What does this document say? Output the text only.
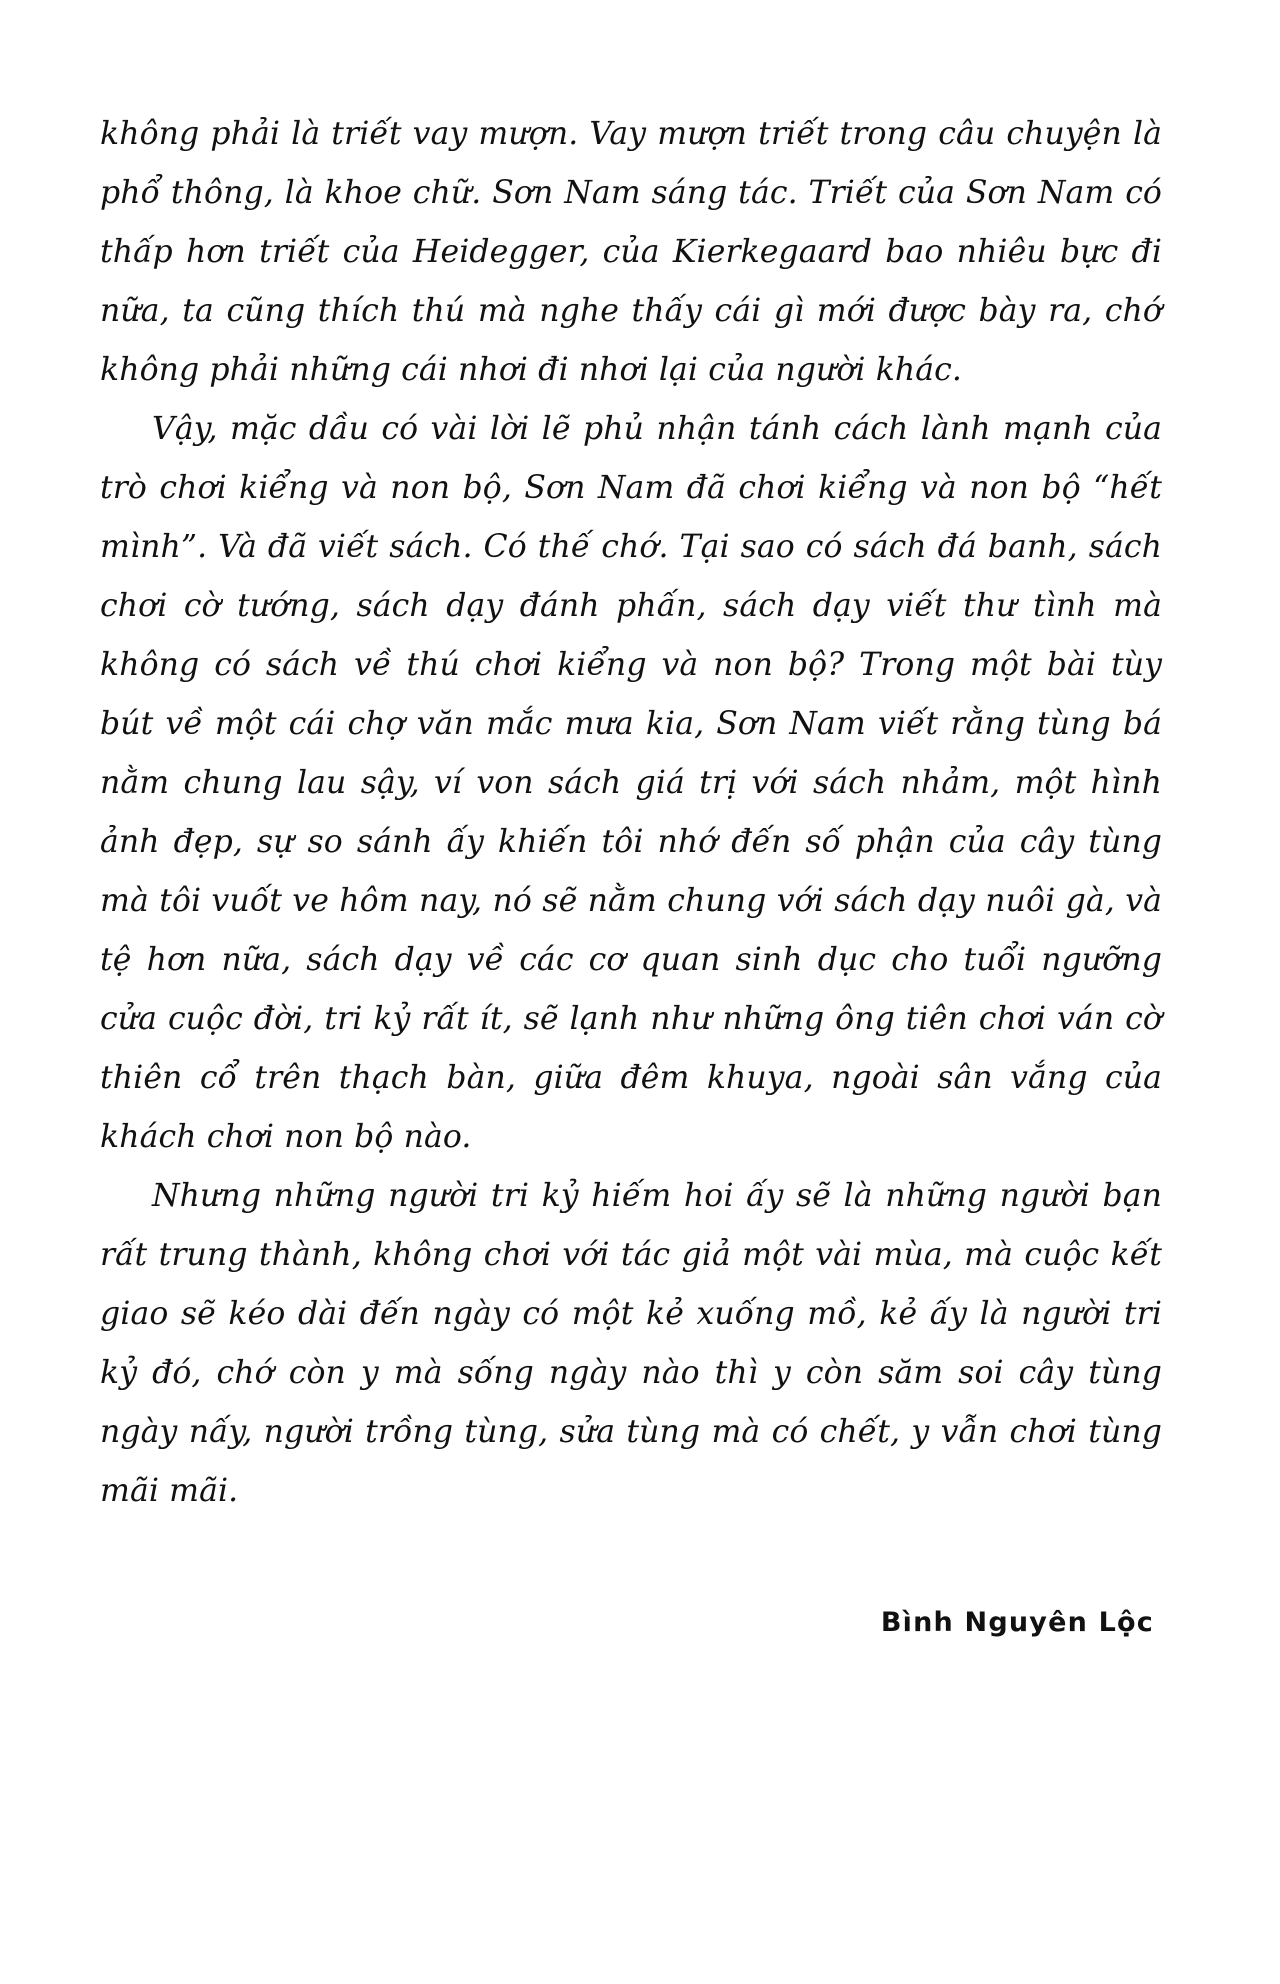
không phải là triết vay mượn. Vay mượn triết trong câu chuyện là phổ thông, là khoe chữ. Sơn Nam sáng tác. Triết của Sơn Nam có thấp hơn triết của Heidegger, của Kierkegaard bao nhiêu bực đi nữa, ta cũng thích thú mà nghe thấy cái gì mới được bày ra, chớ không phải những cái nhơi đi nhơi lại của người khác.

Vậy, mặc dầu có vài lời lẽ phủ nhận tánh cách lành mạnh của trò chơi kiểng và non bộ, Sơn Nam đã chơi kiểng và non bộ “hết mình”. Và đã viết sách. Có thế chớ. Tại sao có sách đá banh, sách chơi cờ tướng, sách dạy đánh phấn, sách dạy viết thư tình mà không có sách về thú chơi kiểng và non bộ? Trong một bài tùy bút về một cái chợ văn mắc mưa kia, Sơn Nam viết rằng tùng bá nằm chung lau sậy, ví von sách giá trị với sách nhảm, một hình ảnh đẹp, sự so sánh ấy khiến tôi nhớ đến số phận của cây tùng mà tôi vuốt ve hôm nay, nó sẽ nằm chung với sách dạy nuôi gà, và tệ hơn nữa, sách dạy về các cơ quan sinh dục cho tuổi ngưỡng cửa cuộc đời, tri kỷ rất ít, sẽ lạnh như những ông tiên chơi ván cờ thiên cổ trên thạch bàn, giữa đêm khuya, ngoài sân vắng của khách chơi non bộ nào.

Nhưng những người tri kỷ hiếm hoi ấy sẽ là những người bạn rất trung thành, không chơi với tác giả một vài mùa, mà cuộc kết giao sẽ kéo dài đến ngày có một kẻ xuống mồ, kẻ ấy là người tri kỷ đó, chớ còn y mà sống ngày nào thì y còn săm soi cây tùng ngày nấy, người trồng tùng, sửa tùng mà có chết, y vẫn chơi tùng mãi mãi.

Bình Nguyên Lộc
